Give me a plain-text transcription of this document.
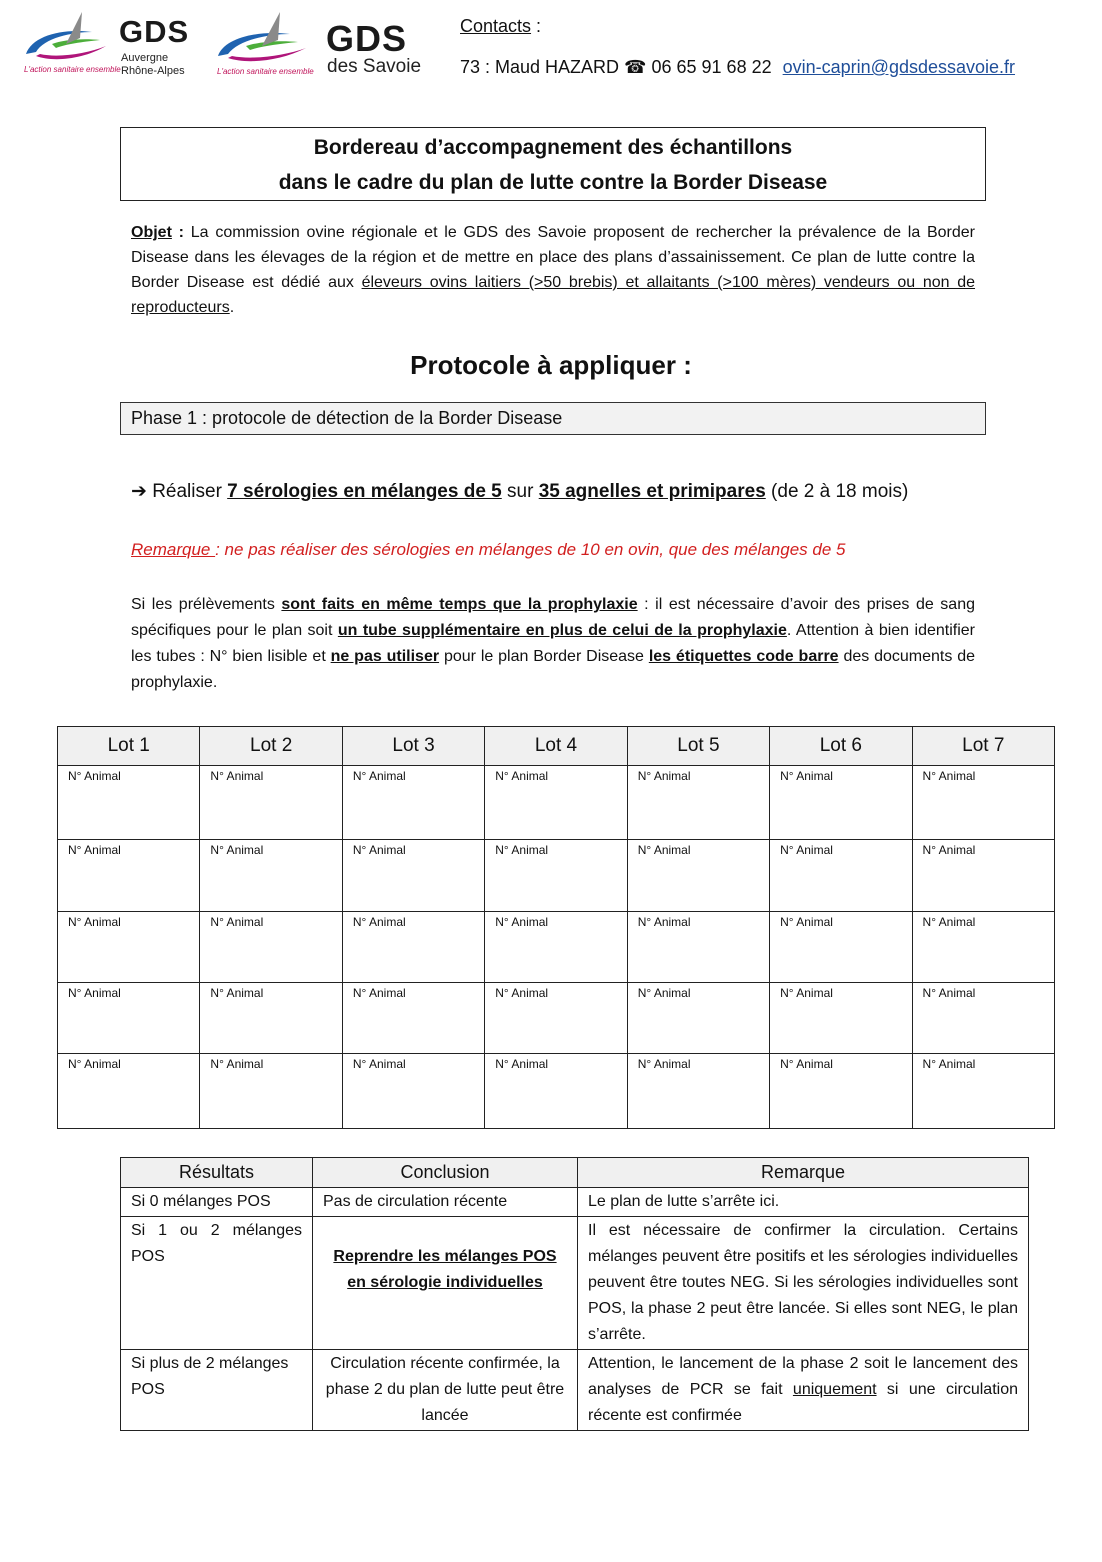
GDS
Auvergne
Rhône-Alpes
L'action sanitaire ensemble
GDS
des Savoie
L'action sanitaire ensemble
Contacts :
73 : Maud HAZARD ☎ 06 65 91 68 22 ovin-caprin@gdsdessavoie.fr
Bordereau d’accompagnement des échantillons
dans le cadre du plan de lutte contre la Border Disease
Objet : La commission ovine régionale et le GDS des Savoie proposent de rechercher la prévalence de la Border Disease dans les élevages de la région et de mettre en place des plans d’assainissement. Ce plan de lutte contre la Border Disease est dédié aux éleveurs ovins laitiers (>50 brebis) et allaitants (>100 mères) vendeurs ou non de reproducteurs.
Protocole à appliquer :
Phase 1 : protocole de détection de la Border Disease
➔ Réaliser 7 sérologies en mélanges de 5 sur 35 agnelles et primipares (de 2 à 18 mois)
Remarque : ne pas réaliser des sérologies en mélanges de 10 en ovin, que des mélanges de 5
Si les prélèvements sont faits en même temps que la prophylaxie : il est nécessaire d’avoir des prises de sang spécifiques pour le plan soit un tube supplémentaire en plus de celui de la prophylaxie. Attention à bien identifier les tubes : N° bien lisible et ne pas utiliser pour le plan Border Disease les étiquettes code barre des documents de prophylaxie.
Lot 1	Lot 2	Lot 3	Lot 4	Lot 5	Lot 6	Lot 7
N° Animal	N° Animal	N° Animal	N° Animal	N° Animal	N° Animal	N° Animal
N° Animal	N° Animal	N° Animal	N° Animal	N° Animal	N° Animal	N° Animal
N° Animal	N° Animal	N° Animal	N° Animal	N° Animal	N° Animal	N° Animal
N° Animal	N° Animal	N° Animal	N° Animal	N° Animal	N° Animal	N° Animal
N° Animal	N° Animal	N° Animal	N° Animal	N° Animal	N° Animal	N° Animal
Résultats	Conclusion	Remarque
Si 0 mélanges POS	Pas de circulation récente	Le plan de lutte s’arrête ici.
Si 1 ou 2 mélanges POS	Reprendre les mélanges POS en sérologie individuelles	Il est nécessaire de confirmer la circulation. Certains mélanges peuvent être positifs et les sérologies individuelles peuvent être toutes NEG. Si les sérologies individuelles sont POS, la phase 2 peut être lancée. Si elles sont NEG, le plan s’arrête.
Si plus de 2 mélanges POS	Circulation récente confirmée, la phase 2 du plan de lutte peut être lancée	Attention, le lancement de la phase 2 soit le lancement des analyses de PCR se fait uniquement si une circulation récente est confirmée
